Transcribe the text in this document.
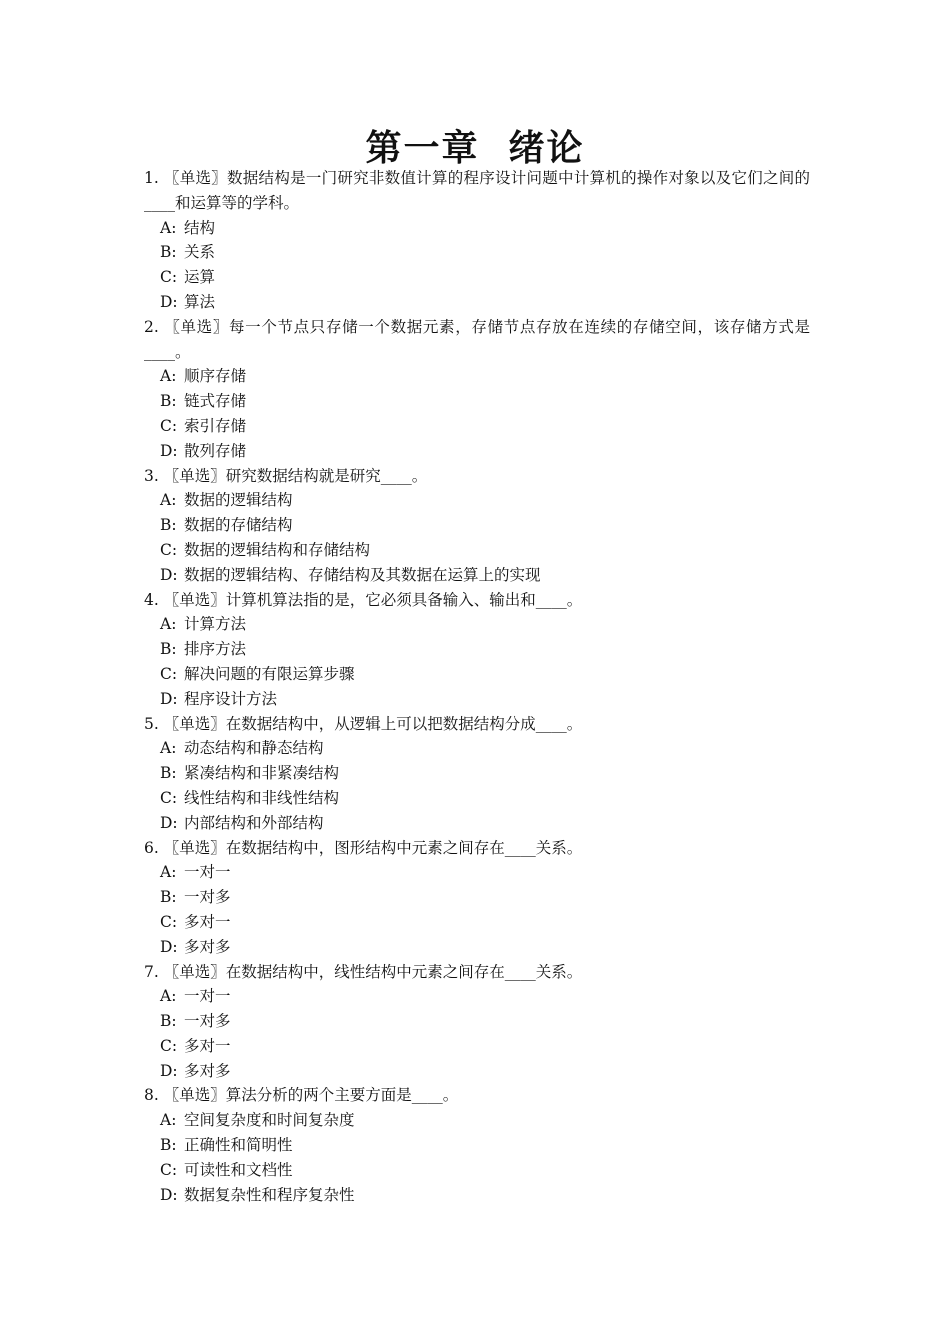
第一章  绪论

1. 〖单选〗数据结构是一门研究非数值计算的程序设计问题中计算机的操作对象以及它们之间的____和运算等的学科。

A: 结构
B: 关系
C: 运算
D: 算法

2. 〖单选〗每一个节点只存储一个数据元素，存储节点存放在连续的存储空间，该存储方式是____。

A: 顺序存储
B: 链式存储
C: 索引存储
D: 散列存储

3. 〖单选〗研究数据结构就是研究____。

A: 数据的逻辑结构
B: 数据的存储结构
C: 数据的逻辑结构和存储结构
D: 数据的逻辑结构、存储结构及其数据在运算上的实现

4. 〖单选〗计算机算法指的是，它必须具备输入、输出和____。

A: 计算方法
B: 排序方法
C: 解决问题的有限运算步骤
D: 程序设计方法

5. 〖单选〗在数据结构中，从逻辑上可以把数据结构分成____。

A: 动态结构和静态结构
B: 紧凑结构和非紧凑结构
C: 线性结构和非线性结构
D: 内部结构和外部结构

6. 〖单选〗在数据结构中，图形结构中元素之间存在____关系。

A: 一对一
B: 一对多
C: 多对一
D: 多对多

7. 〖单选〗在数据结构中，线性结构中元素之间存在____关系。

A: 一对一
B: 一对多
C: 多对一
D: 多对多

8. 〖单选〗算法分析的两个主要方面是____。

A: 空间复杂度和时间复杂度
B: 正确性和简明性
C: 可读性和文档性
D: 数据复杂性和程序复杂性
